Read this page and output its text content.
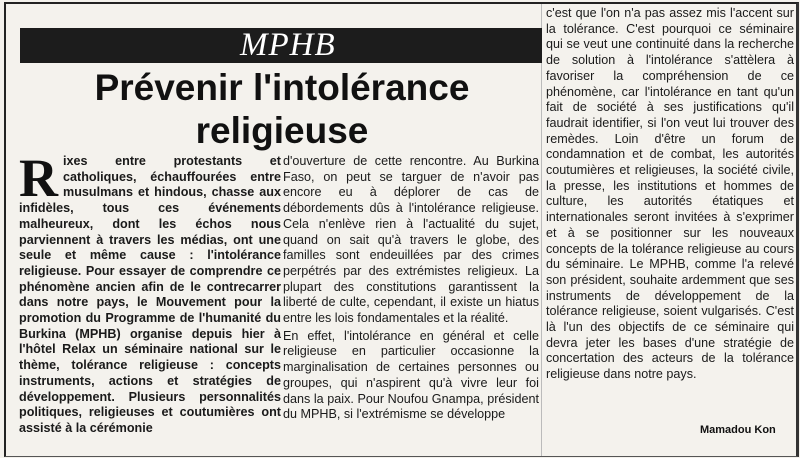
MPHB
Prévenir l'intolérance religieuse
R ixes entre protestants et catholiques, échauffourées entre musulmans et hindous, chasse aux infidèles, tous ces événements malheureux, dont les échos nous parviennent à travers les médias, ont une seule et même cause : l'intolérance religieuse. Pour essayer de comprendre ce phénomène ancien afin de le contrecarrer dans notre pays, le Mouvement pour la promotion du Programme de l'humanité du Burkina (MPHB) organise depuis hier à l'hôtel Relax un séminaire national sur le thème, tolérance religieuse : concepts instruments, actions et stratégies de développement. Plusieurs personnalités politiques, religieuses et coutumières ont assisté à la cérémonie

d'ouverture de cette rencontre. Au Burkina Faso, on peut se targuer de n'avoir pas encore eu à déplorer de cas de débordements dûs à l'intolérance religieuse. Cela n'enlève rien à l'actualité du sujet, quand on sait qu'à travers le globe, des familles sont endeuillées par des crimes perpétrés par des extrémistes religieux. La plupart des constitutions garantissent la liberté de culte, cependant, il existe un hiatus entre les lois fondamentales et la réalité.

En effet, l'intolérance en général et celle religieuse en particulier occasionne la marginalisation de certaines personnes ou groupes, qui n'aspirent qu'à vivre leur foi dans la paix. Pour Noufou Gnampa, président du MPHB, si l'extrémisme se développe

c'est que l'on n'a pas assez mis l'accent sur la tolérance. C'est pourquoi ce séminaire qui se veut une continuité dans la recherche de solution à l'intolérance s'attèlera à favoriser la compréhension de ce phénomène, car l'intolérance en tant qu'un fait de société à ses justifications qu'il faudrait identifier, si l'on veut lui trouver des remèdes. Loin d'être un forum de condamnation et de combat, les autorités coutumières et religieuses, la société civile, la presse, les institutions et hommes de culture, les autorités étatiques et internationales seront invitées à s'exprimer et à se positionner sur les nouveaux concepts de la tolérance religieuse au cours du séminaire. Le MPHB, comme l'a relevé son président, souhaite ardemment que ses instruments de développement de la tolérance religieuse, soient vulgarisés. C'est là l'un des objectifs de ce séminaire qui devra jeter les bases d'une stratégie de concertation des acteurs de la tolérance religieuse dans notre pays.

Mamadou Kon
